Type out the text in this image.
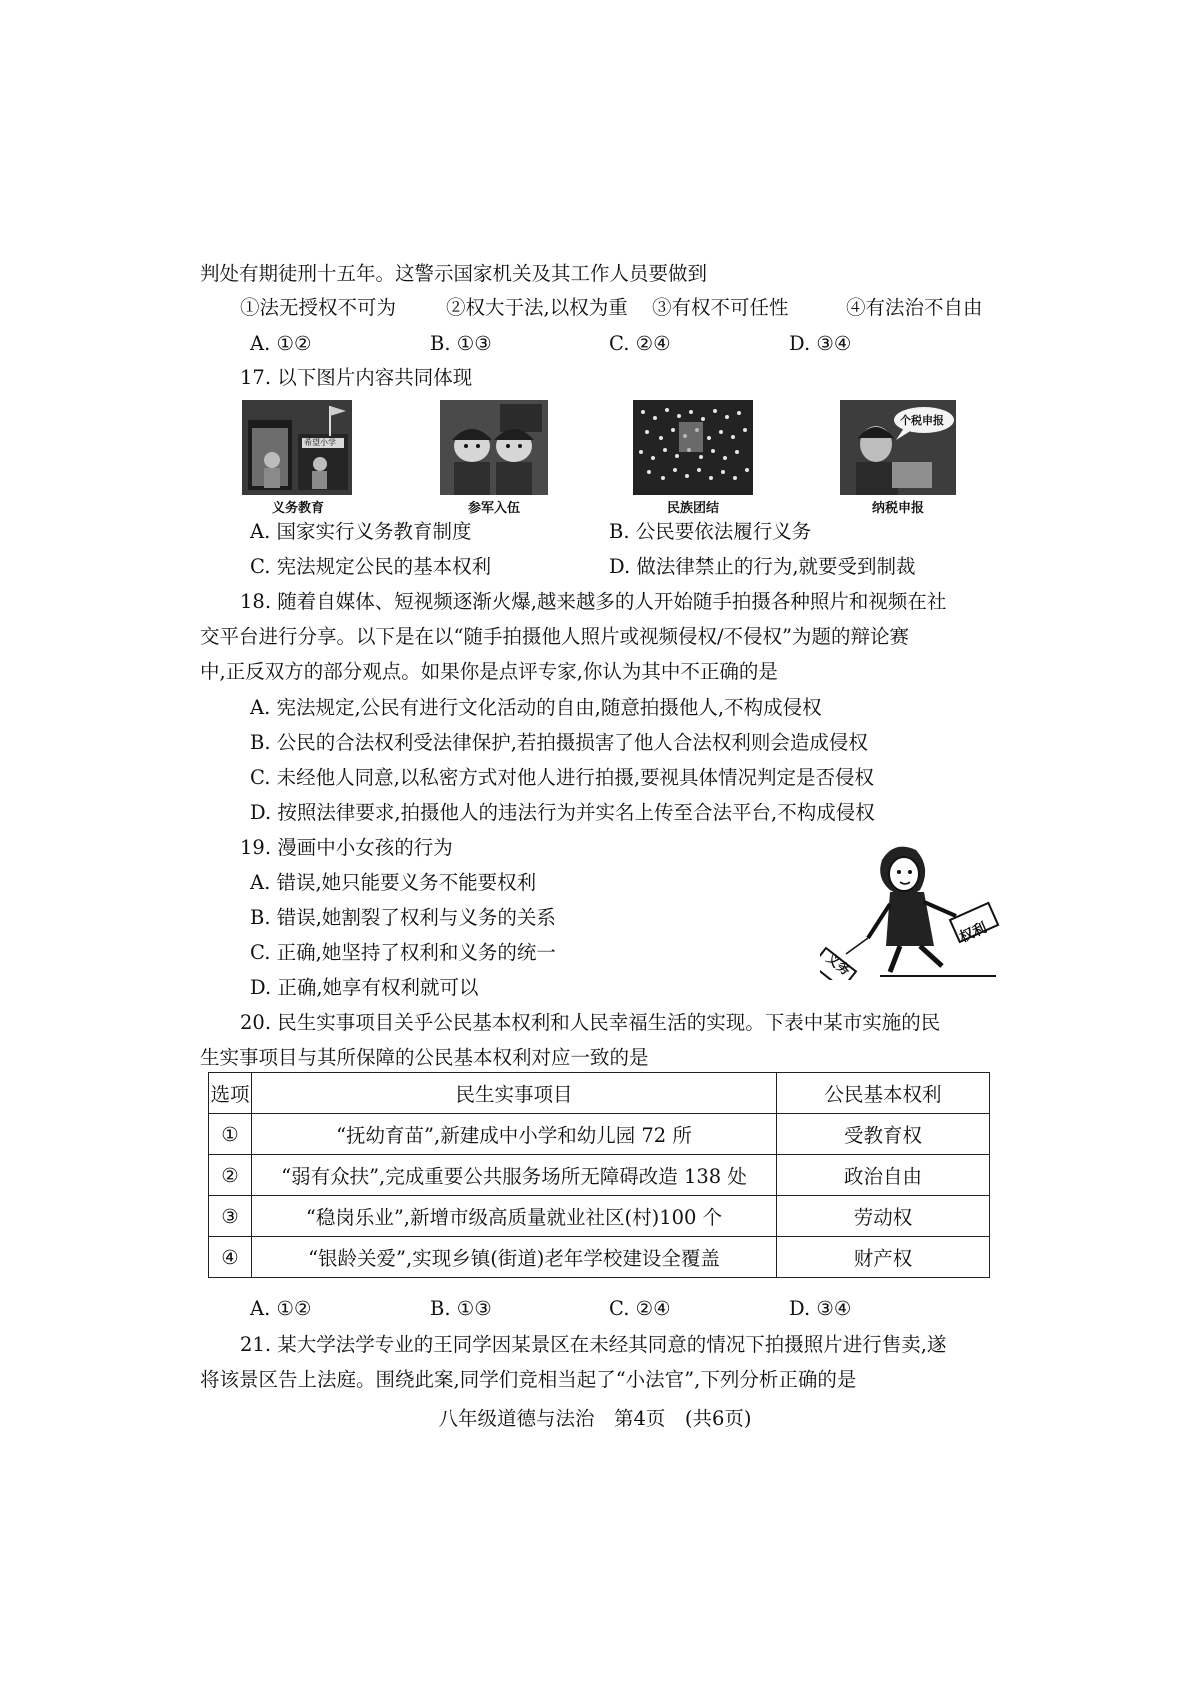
判处有期徒刑十五年。这警示国家机关及其工作人员要做到
①法无授权不可为	②权大于法,以权为重 ③有权不可任性	④有法治不自由
A. ①②	B. ①③	C. ②④	D. ③④
17. 以下图片内容共同体现
希望小学
义务教育	参军入伍	民族团结
个税申报
纳税申报
A. 国家实行义务教育制度	B. 公民要依法履行义务
C. 宪法规定公民的基本权利	D. 做法律禁止的行为,就要受到制裁
18. 随着自媒体、短视频逐渐火爆,越来越多的人开始随手拍摄各种照片和视频在社
交平台进行分享。以下是在以“随手拍摄他人照片或视频侵权/不侵权”为题的辩论赛
中,正反双方的部分观点。如果你是点评专家,你认为其中不正确的是
A. 宪法规定,公民有进行文化活动的自由,随意拍摄他人,不构成侵权
B. 公民的合法权利受法律保护,若拍摄损害了他人合法权利则会造成侵权
C. 未经他人同意,以私密方式对他人进行拍摄,要视具体情况判定是否侵权
D. 按照法律要求,拍摄他人的违法行为并实名上传至合法平台,不构成侵权
19. 漫画中小女孩的行为
A. 错误,她只能要义务不能要权利
B. 错误,她割裂了权利与义务的关系
C. 正确,她坚持了权利和义务的统一
D. 正确,她享有权利就可以
权利
义务
20. 民生实事项目关乎公民基本权利和人民幸福生活的实现。下表中某市实施的民
生实事项目与其所保障的公民基本权利对应一致的是
选项	民生实事项目	公民基本权利
①	“抚幼育苗”,新建成中小学和幼儿园 72 所	受教育权
②	“弱有众扶”,完成重要公共服务场所无障碍改造 138 处	政治自由
③	“稳岗乐业”,新增市级高质量就业社区(村)100 个	劳动权
④	“银龄关爱”,实现乡镇(街道)老年学校建设全覆盖	财产权
A. ①②	B. ①③	C. ②④	D. ③④
21. 某大学法学专业的王同学因某景区在未经其同意的情况下拍摄照片进行售卖,遂
将该景区告上法庭。围绕此案,同学们竞相当起了“小法官”,下列分析正确的是
八年级道德与法治　第4页　(共6页)
